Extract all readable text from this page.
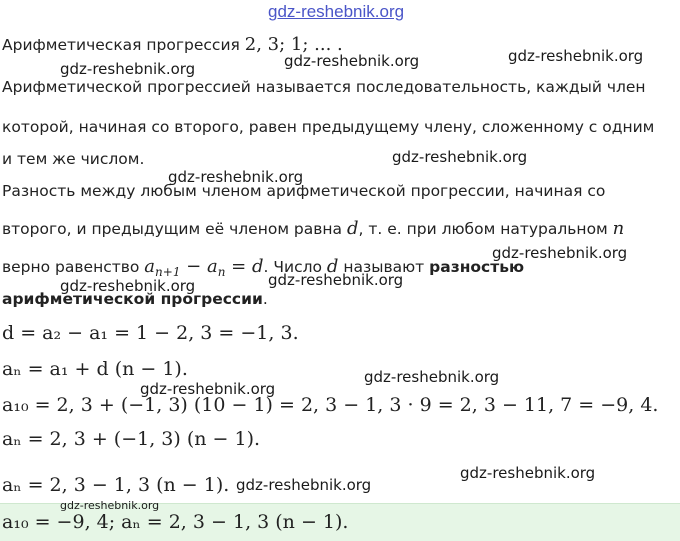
gdz-reshebnik.org
Арифметическая прогрессия 2, 3; 1; ... .
Арифметической прогрессией называется последовательность, каждый член
которой, начиная со второго, равен предыдущему члену, сложенному с одним
и тем же числом.
Разность между любым членом арифметической прогрессии, начиная со
второго, и предыдущим её членом равна d, т. е. при любом натуральном n
верно равенство $a_{n+1} - a_n = d$. Число d называют разностью
арифметической прогрессии.
d = a₂ − a₁ = 1 − 2, 3 = −1, 3.
aₙ = a₁ + d (n − 1).
a₁₀ = 2, 3 + (−1, 3) (10 − 1) = 2, 3 − 1, 3 · 9 = 2, 3 − 11, 7 = −9, 4.
aₙ = 2, 3 + (−1, 3) (n − 1).
aₙ = 2, 3 − 1, 3 (n − 1).
a₁₀ = −9, 4; aₙ = 2, 3 − 1, 3 (n − 1).
gdz-reshebnik.org	gdz-reshebnik.org
gdz-reshebnik.org
gdz-reshebnik.org
gdz-reshebnik.org
gdz-reshebnik.org
gdz-reshebnik.org	gdz-reshebnik.org
gdz-reshebnik.org
gdz-reshebnik.org
gdz-reshebnik.org
gdz-reshebnik.org
gdz-reshebnik.org
